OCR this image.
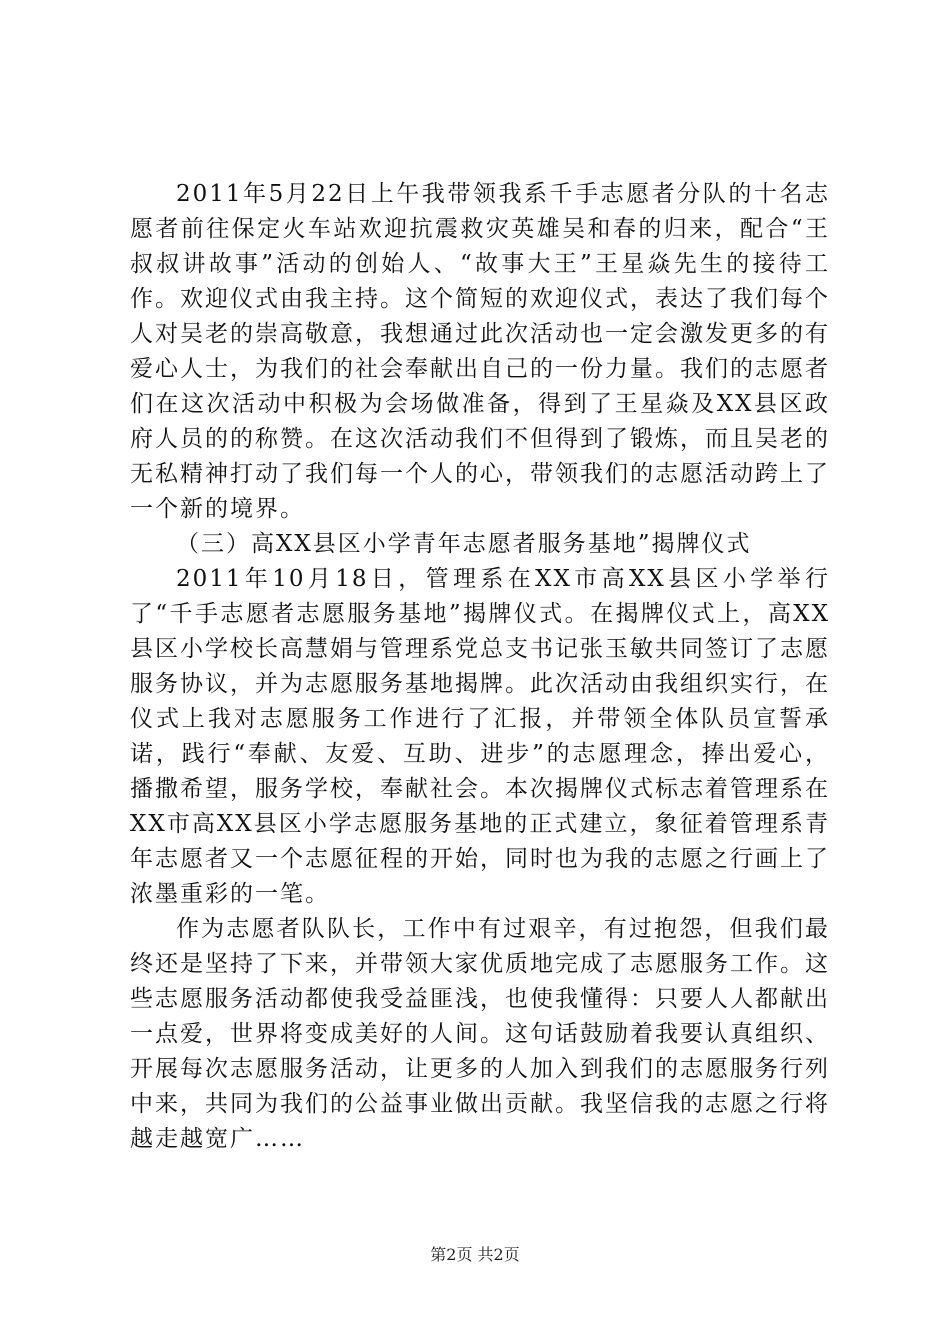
2011年5月22日上午我带领我系千手志愿者分队的十名志愿者前往保定火车站欢迎抗震救灾英雄吴和春的归来，配合“王叔叔讲故事”活动的创始人、“故事大王”王星焱先生的接待工作。欢迎仪式由我主持。这个简短的欢迎仪式，表达了我们每个人对吴老的崇高敬意，我想通过此次活动也一定会激发更多的有爱心人士，为我们的社会奉献出自己的一份力量。我们的志愿者们在这次活动中积极为会场做准备，得到了王星焱及XX县区政府人员的的称赞。在这次活动我们不但得到了锻炼，而且吴老的无私精神打动了我们每一个人的心，带领我们的志愿活动跨上了一个新的境界。

（三）高XX县区小学青年志愿者服务基地”揭牌仪式

2011年10月18日，管理系在XX市高XX县区小学举行了“千手志愿者志愿服务基地”揭牌仪式。在揭牌仪式上，高XX县区小学校长高慧娟与管理系党总支书记张玉敏共同签订了志愿服务协议，并为志愿服务基地揭牌。此次活动由我组织实行，在仪式上我对志愿服务工作进行了汇报，并带领全体队员宣誓承诺，践行“奉献、友爱、互助、进步”的志愿理念，捧出爱心，播撒希望，服务学校，奉献社会。本次揭牌仪式标志着管理系在XX市高XX县区小学志愿服务基地的正式建立，象征着管理系青年志愿者又一个志愿征程的开始，同时也为我的志愿之行画上了浓墨重彩的一笔。

作为志愿者队队长，工作中有过艰辛，有过抱怨，但我们最终还是坚持了下来，并带领大家优质地完成了志愿服务工作。这些志愿服务活动都使我受益匪浅，也使我懂得：只要人人都献出一点爱，世界将变成美好的人间。这句话鼓励着我要认真组织、开展每次志愿服务活动，让更多的人加入到我们的志愿服务行列中来，共同为我们的公益事业做出贡献。我坚信我的志愿之行将越走越宽广……

第2页 共2页
